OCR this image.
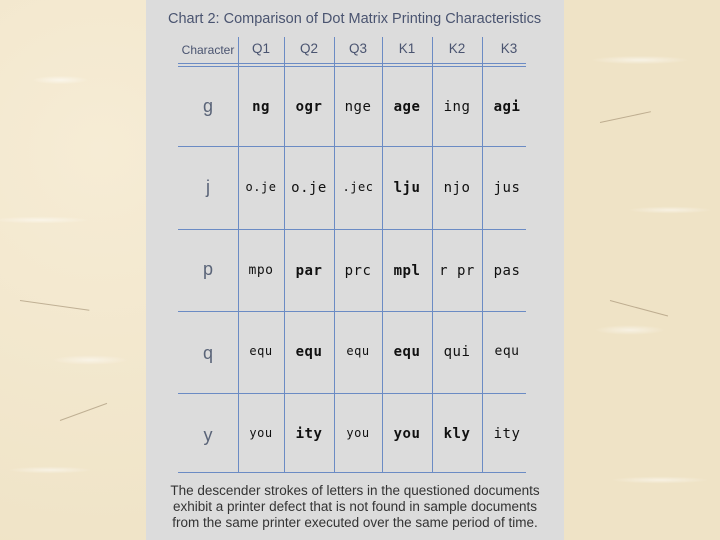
Chart 2: Comparison of Dot Matrix Printing Characteristics
Character	Q1	Q2	Q3	K1	K2	K3
g	ng	ogr	nge	age	ing	agi
j	o.je	o.je	.jec	lju	njo	jus
p	mpo	par	prc	mpl	r pr	pas
q	equ	equ	equ	equ	qui	equ
y	you	ity	you	you	kly	ity
The descender strokes of letters in the questioned documents
exhibit a printer defect that is not found in sample documents
from the same printer executed over the same period of time.
